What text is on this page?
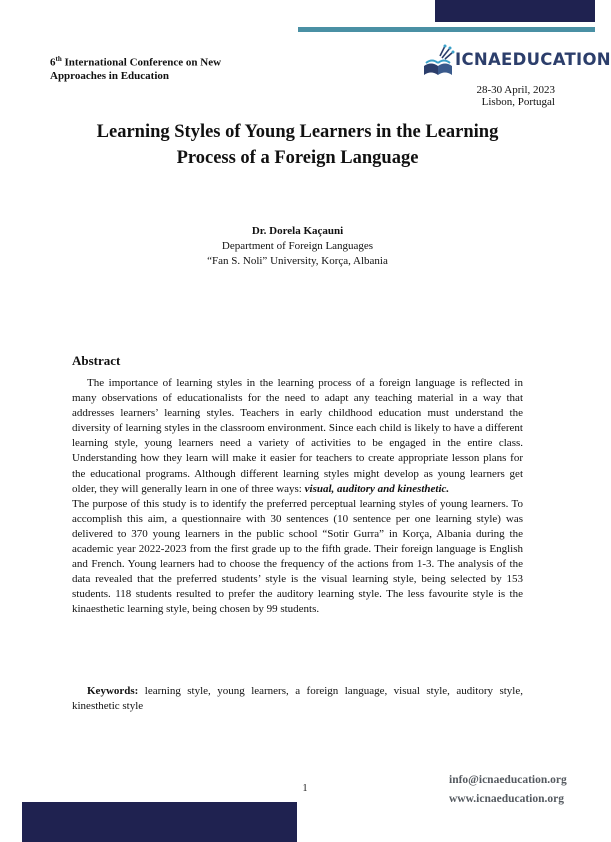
6th International Conference on New
Approaches in Education
ICNAEDUCATION
28-30 April, 2023
Lisbon, Portugal
Learning Styles of Young Learners in the Learning
Process of a Foreign Language
Dr. Dorela Kaçauni
Department of Foreign Languages
“Fan S. Noli” University, Korça, Albania
Abstract

The importance of learning styles in the learning process of a foreign language is reflected in many observations of educationalists for the need to adapt any teaching material in a way that addresses learners’ learning styles. Teachers in early childhood education must understand the diversity of learning styles in the classroom environment. Since each child is likely to have a different learning style, young learners need a variety of activities to be engaged in the entire class. Understanding how they learn will make it easier for teachers to create appropriate lesson plans for the educational programs. Although different learning styles might develop as young learners get older, they will generally learn in one of three ways: visual, auditory and kinesthetic.

The purpose of this study is to identify the preferred perceptual learning styles of young learners. To accomplish this aim, a questionnaire with 30 sentences (10 sentence per one learning style) was delivered to 370 young learners in the public school “Sotir Gurra” in Korça, Albania during the academic year 2022-2023 from the first grade up to the fifth grade. Their foreign language is English and French. Young learners had to choose the frequency of the actions from 1-3. The analysis of the data revealed that the preferred students’ style is the visual learning style, being selected by 153 students. 118 students resulted to prefer the auditory learning style. The less favourite style is the kinaesthetic learning style, being chosen by 99 students.

Keywords: learning style, young learners, a foreign language, visual style, auditory style, kinesthetic style
1
info@icnaeducation.org
www.icnaeducation.org
